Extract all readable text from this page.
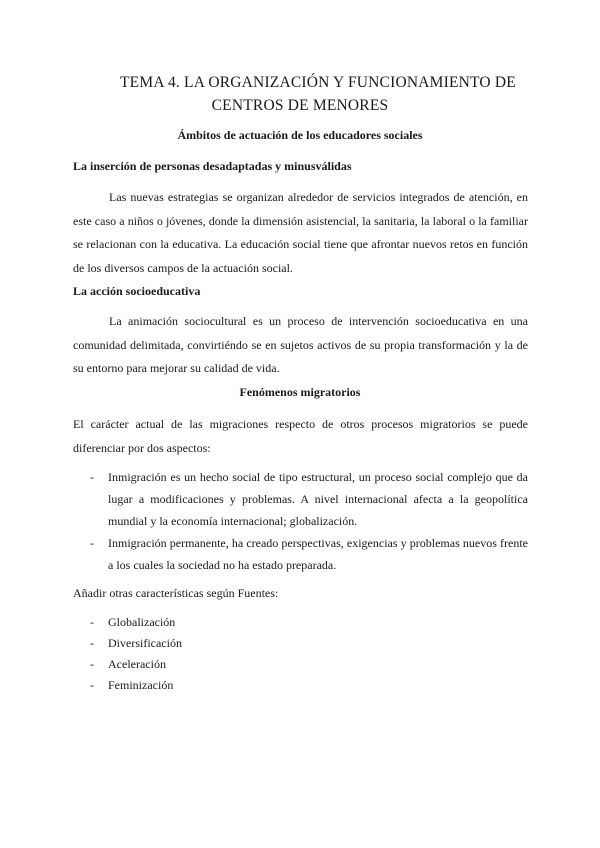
TEMA 4. LA ORGANIZACIÓN Y FUNCIONAMIENTO DE
CENTROS DE MENORES
Ámbitos de actuación de los educadores sociales
La inserción de personas desadaptadas y minusválidas

Las nuevas estrategias se organizan alrededor de servicios integrados de atención, en este caso a niños o jóvenes, donde la dimensión asistencial, la sanitaria, la laboral o la familiar se relacionan con la educativa. La educación social tiene que afrontar nuevos retos en función de los diversos campos de la actuación social.

La acción socioeducativa

La animación sociocultural es un proceso de intervención socioeducativa en una comunidad delimitada, convirtiéndo se en sujetos activos de su propia transformación y la de su entorno para mejorar su calidad de vida.

Fenómenos migratorios

El carácter actual de las migraciones respecto de otros procesos migratorios se puede diferenciar por dos aspectos:

- Inmigración es un hecho social de tipo estructural, un proceso social complejo que da lugar a modificaciones y problemas. A nivel internacional afecta a la geopolítica mundial y la economía internacional; globalización.
- Inmigración permanente, ha creado perspectivas, exigencias y problemas nuevos frente a los cuales la sociedad no ha estado preparada.

Añadir otras características según Fuentes:

- Globalización
- Diversificación
- Aceleración
- Feminización
